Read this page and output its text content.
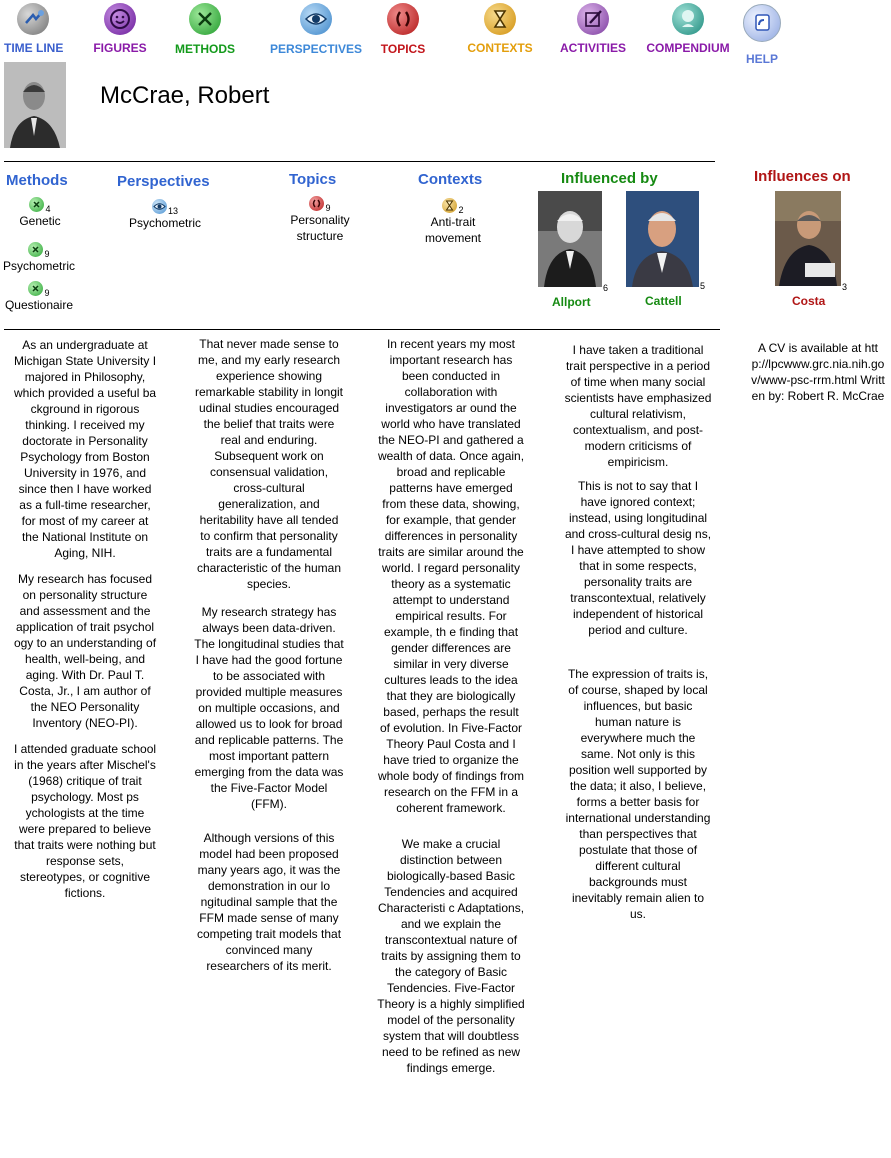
TIME LINE FIGURES METHODS	PERSPECTIVES TOPICS	CONTEXTS ACTIVITIES COMPENDIUM
HELP
McCrae, Robert
Methods
$_4$
Genetic
$_9$
Psychometric
$_9$
Questionaire
Perspectives
$_{13}$
Psychometric
Topics
$_9$
Personality structure
Contexts
$_2$
Anti-trait movement
Influenced by
6
Allport
5
Cattell
Influences on
3
Costa

As an undergraduate at Michigan State University I majored in Philosophy, which provided a useful ba ckground in rigorous thinking. I received my doctorate in Personality Psychology from Boston University in 1976, and since then I have worked as a full-time researcher, for most of my career at the National Institute on Aging, NIH.

My research has focused on personality structure and assessment and the application of trait psychol ogy to an understanding of health, well-being, and aging. With Dr. Paul T. Costa, Jr., I am author of the NEO Personality Inventory (NEO-PI).

I attended graduate school in the years after Mischel's (1968) critique of trait psychology. Most ps ychologists at the time were prepared to believe that traits were nothing but response sets, stereotypes, or cognitive fictions.

That never made sense to me, and my early research experience showing remarkable stability in longit udinal studies encouraged the belief that traits were real and enduring. Subsequent work on consensual validation, cross-cultural generalization, and heritability have all tended to confirm that personality traits are a fundamental characteristic of the human species.

My research strategy has always been data-driven. The longitudinal studies that I have had the good fortune to be associated with provided multiple measures on multiple occasions, and allowed us to look for broad and replicable patterns. The most important pattern emerging from the data was the Five-Factor Model (FFM).

Although versions of this model had been proposed many years ago, it was the demonstration in our lo ngitudinal sample that the FFM made sense of many competing trait models that convinced many researchers of its merit.

In recent years my most important research has been conducted in collaboration with investigators ar ound the world who have translated the NEO-PI and gathered a wealth of data. Once again, broad and replicable patterns have emerged from these data, showing, for example, that gender differences in personality traits are similar around the world. I regard personality theory as a systematic attempt to understand empirical results. For example, th e finding that gender differences are similar in very diverse cultures leads to the idea that they are biologically based, perhaps the result of evolution. In Five-Factor Theory Paul Costa and I have tried to organize the whole body of findings from research on the FFM in a coherent framework.

We make a crucial distinction between biologically-based Basic Tendencies and acquired Characteristi c Adaptations, and we explain the transcontextual nature of traits by assigning them to the category of Basic Tendencies. Five-Factor Theory is a highly simplified model of the personality system that will doubtless need to be refined as new findings emerge.

I have taken a traditional trait perspective in a period of time when many social scientists have emphasized cultural relativism, contextualism, and post-modern criticisms of empiricism.

This is not to say that I have ignored context; instead, using longitudinal and cross-cultural desig ns, I have attempted to show that in some respects, personality traits are transcontextual, relatively independent of historical period and culture.

The expression of traits is, of course, shaped by local influences, but basic human nature is everywhere much the same. Not only is this position well supported by the data; it also, I believe, forms a better basis for international understanding than perspectives that postulate that those of different cultural backgrounds must inevitably remain alien to us.

A CV is available at http://lpcwww.grc.nia.nih.gov/www-psc-rrm.html Written by: Robert R. McCrae
